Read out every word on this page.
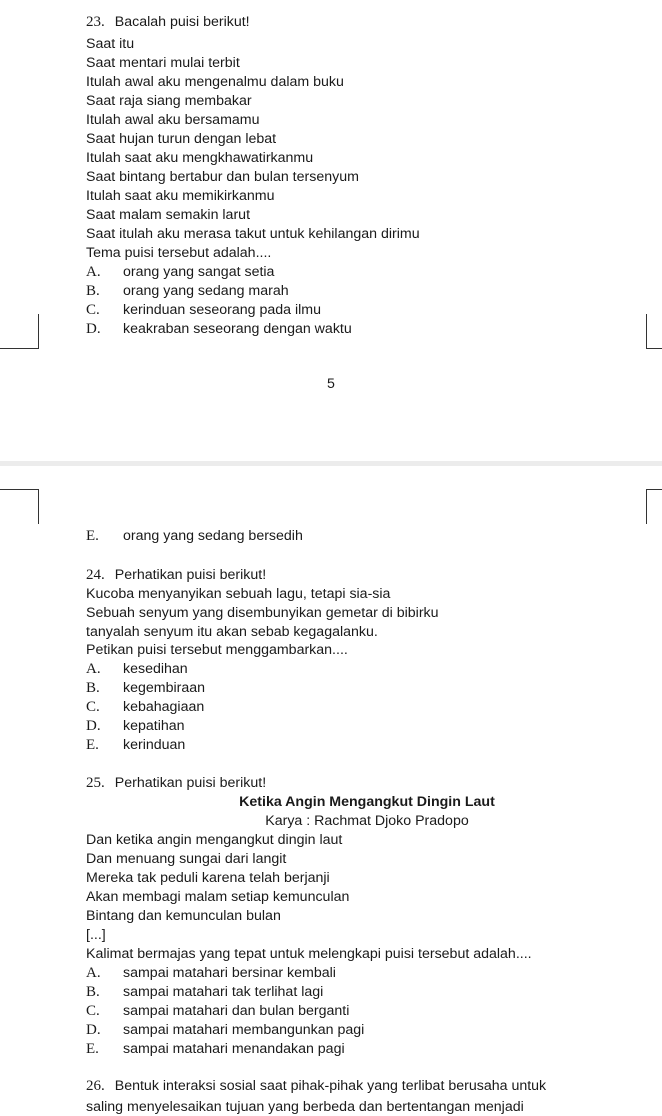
23. Bacalah puisi berikut!
Saat itu
Saat mentari mulai terbit
Itulah awal aku mengenalmu dalam buku
Saat raja siang membakar
Itulah awal aku bersamamu
Saat hujan turun dengan lebat
Itulah saat aku mengkhawatirkanmu
Saat bintang bertabur dan bulan tersenyum
Itulah saat aku memikirkanmu
Saat malam semakin larut
Saat itulah aku merasa takut untuk kehilangan dirimu
Tema puisi tersebut adalah....
A. orang yang sangat setia
B. orang yang sedang marah
C. kerinduan seseorang pada ilmu
D. keakraban seseorang dengan waktu
5
E. orang yang sedang bersedih
24. Perhatikan puisi berikut!
Kucoba menyanyikan sebuah lagu, tetapi sia-sia
Sebuah senyum yang disembunyikan gemetar di bibirku
tanyalah senyum itu akan sebab kegagalanku.
Petikan puisi tersebut menggambarkan....
A. kesedihan
B. kegembiraan
C. kebahagiaan
D. kepatihan
E. kerinduan
25. Perhatikan puisi berikut!
Ketika Angin Mengangkut Dingin Laut
Karya : Rachmat Djoko Pradopo
Dan ketika angin mengangkut dingin laut
Dan menuang sungai dari langit
Mereka tak peduli karena telah berjanji
Akan membagi malam setiap kemunculan
Bintang dan kemunculan bulan
[...]
Kalimat bermajas yang tepat untuk melengkapi puisi tersebut adalah....
A. sampai matahari bersinar kembali
B. sampai matahari tak terlihat lagi
C. sampai matahari dan bulan berganti
D. sampai matahari membangunkan pagi
E. sampai matahari menandakan pagi
26. Bentuk interaksi sosial saat pihak-pihak yang terlibat berusaha untuk
saling menyelesaikan tujuan yang berbeda dan bertentangan menjadi
